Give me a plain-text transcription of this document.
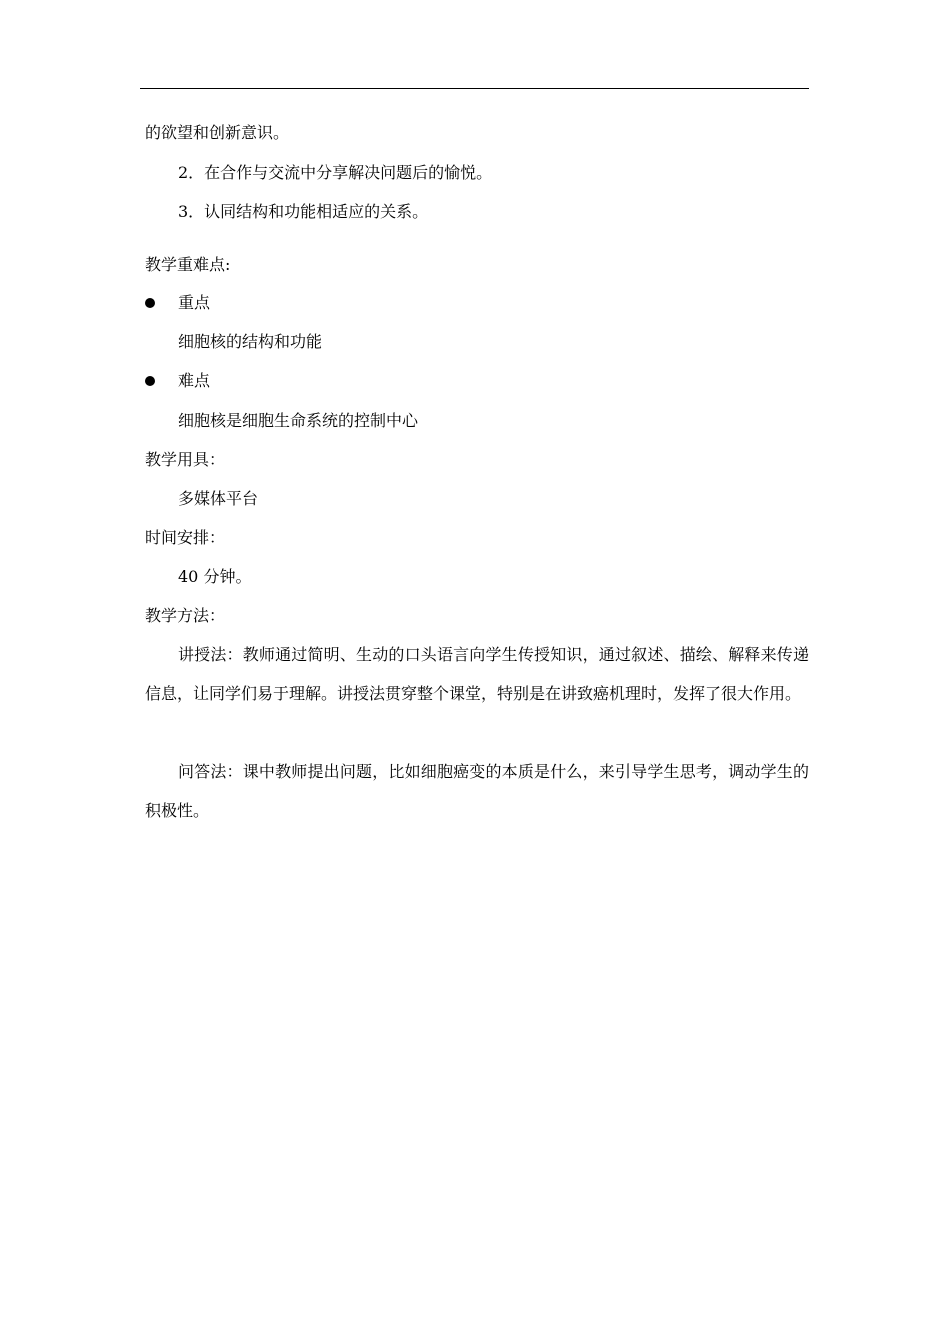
的欲望和创新意识。
2．在合作与交流中分享解决问题后的愉悦。
3．认同结构和功能相适应的关系。
教学重难点:
重点
细胞核的结构和功能
难点
细胞核是细胞生命系统的控制中心
教学用具：
多媒体平台
时间安排：
40 分钟。
教学方法：
讲授法：教师通过简明、生动的口头语言向学生传授知识，通过叙述、描绘、解释来传递信息，让同学们易于理解。讲授法贯穿整个课堂，特别是在讲致癌机理时，发挥了很大作用。
问答法：课中教师提出问题，比如细胞癌变的本质是什么，来引导学生思考，调动学生的积极性。
